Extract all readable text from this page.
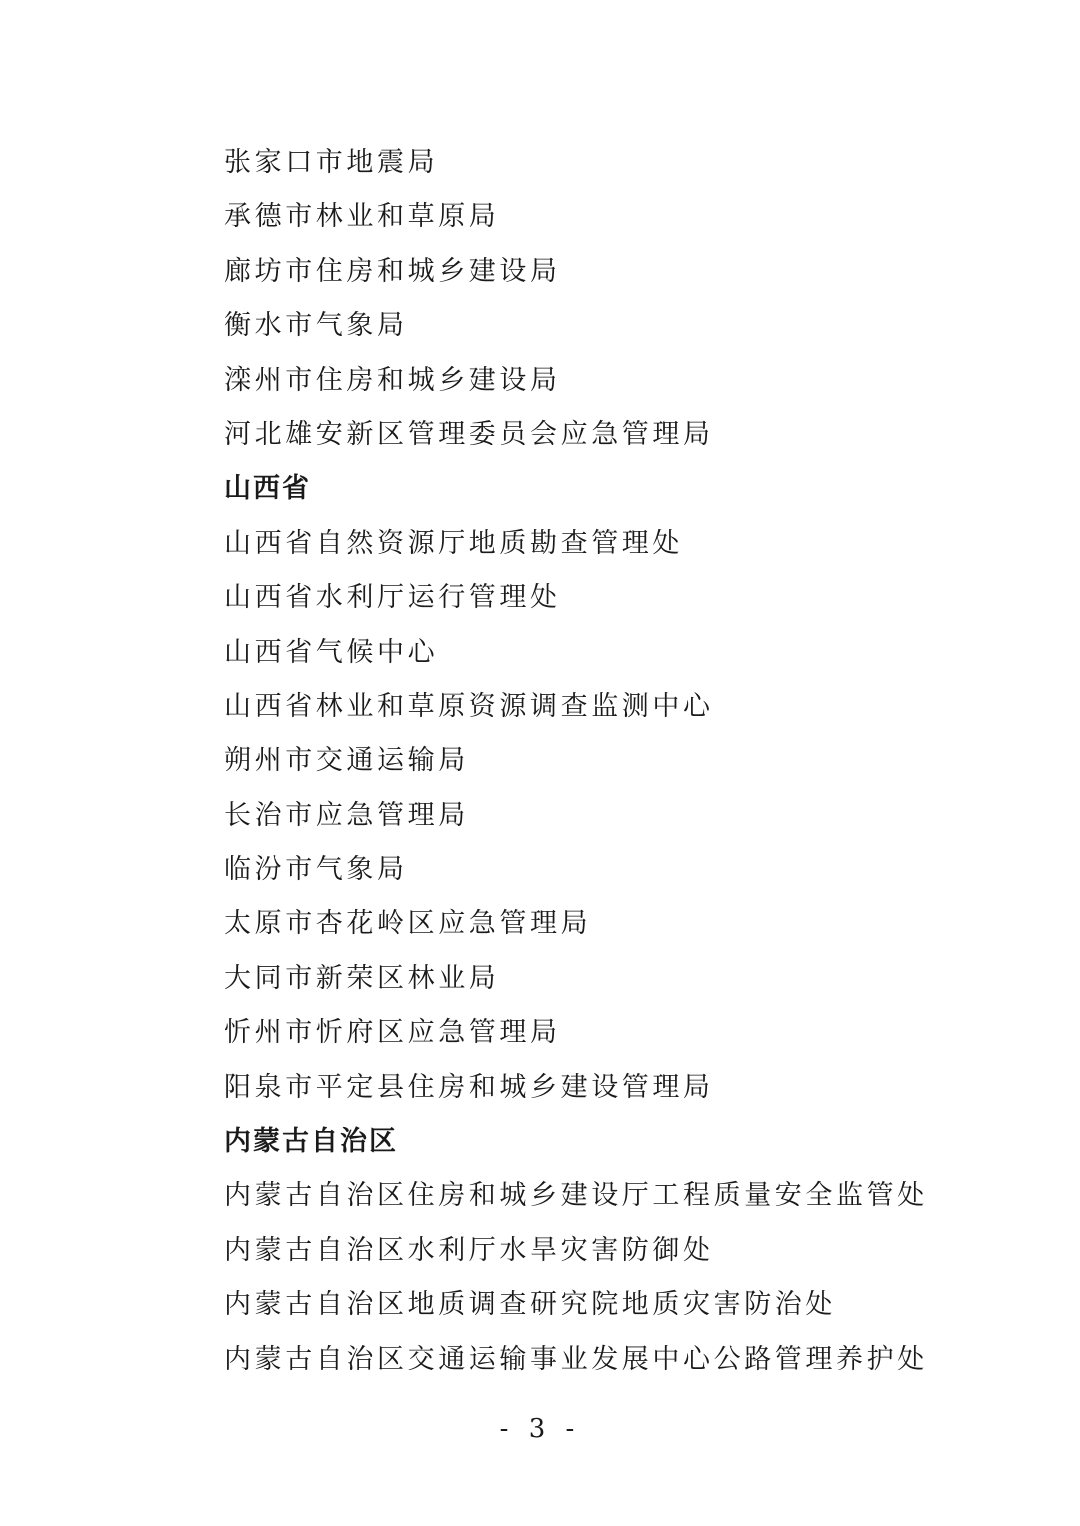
张家口市地震局
承德市林业和草原局
廊坊市住房和城乡建设局
衡水市气象局
滦州市住房和城乡建设局
河北雄安新区管理委员会应急管理局
山西省
山西省自然资源厅地质勘查管理处
山西省水利厅运行管理处
山西省气候中心
山西省林业和草原资源调查监测中心
朔州市交通运输局
长治市应急管理局
临汾市气象局
太原市杏花岭区应急管理局
大同市新荣区林业局
忻州市忻府区应急管理局
阳泉市平定县住房和城乡建设管理局
内蒙古自治区
内蒙古自治区住房和城乡建设厅工程质量安全监管处
内蒙古自治区水利厅水旱灾害防御处
内蒙古自治区地质调查研究院地质灾害防治处
内蒙古自治区交通运输事业发展中心公路管理养护处
- 3 -
